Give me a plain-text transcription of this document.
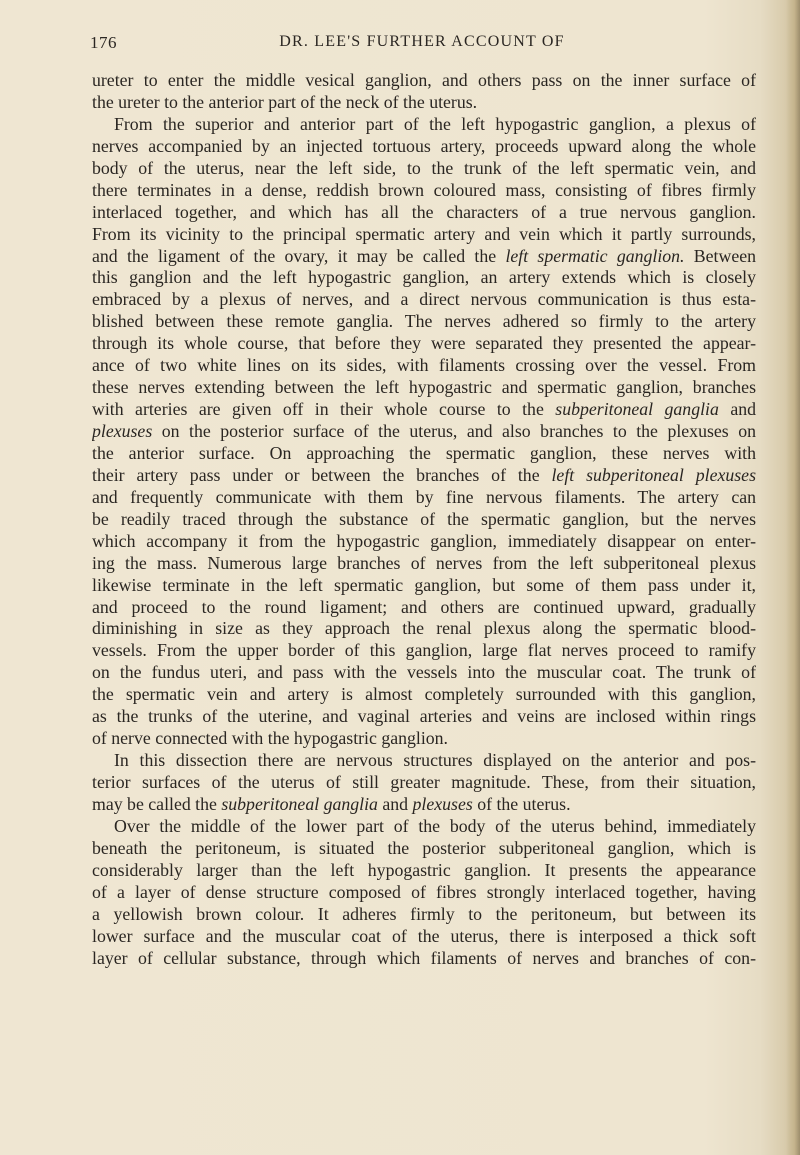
176	DR. LEE'S FURTHER ACCOUNT OF
ureter to enter the middle vesical ganglion, and others pass on the inner surface of
the ureter to the anterior part of the neck of the uterus.
From the superior and anterior part of the left hypogastric ganglion, a plexus of
nerves accompanied by an injected tortuous artery, proceeds upward along the whole
body of the uterus, near the left side, to the trunk of the left spermatic vein, and
there terminates in a dense, reddish brown coloured mass, consisting of fibres firmly
interlaced together, and which has all the characters of a true nervous ganglion.
From its vicinity to the principal spermatic artery and vein which it partly surrounds,
and the ligament of the ovary, it may be called the left spermatic ganglion. Between
this ganglion and the left hypogastric ganglion, an artery extends which is closely
embraced by a plexus of nerves, and a direct nervous communication is thus esta-
blished between these remote ganglia. The nerves adhered so firmly to the artery
through its whole course, that before they were separated they presented the appear-
ance of two white lines on its sides, with filaments crossing over the vessel. From
these nerves extending between the left hypogastric and spermatic ganglion, branches
with arteries are given off in their whole course to the subperitoneal ganglia and
plexuses on the posterior surface of the uterus, and also branches to the plexuses on
the anterior surface. On approaching the spermatic ganglion, these nerves with
their artery pass under or between the branches of the left subperitoneal plexuses
and frequently communicate with them by fine nervous filaments. The artery can
be readily traced through the substance of the spermatic ganglion, but the nerves
which accompany it from the hypogastric ganglion, immediately disappear on enter-
ing the mass. Numerous large branches of nerves from the left subperitoneal plexus
likewise terminate in the left spermatic ganglion, but some of them pass under it,
and proceed to the round ligament; and others are continued upward, gradually
diminishing in size as they approach the renal plexus along the spermatic blood-
vessels. From the upper border of this ganglion, large flat nerves proceed to ramify
on the fundus uteri, and pass with the vessels into the muscular coat. The trunk of
the spermatic vein and artery is almost completely surrounded with this ganglion,
as the trunks of the uterine, and vaginal arteries and veins are inclosed within rings
of nerve connected with the hypogastric ganglion.
In this dissection there are nervous structures displayed on the anterior and pos-
terior surfaces of the uterus of still greater magnitude. These, from their situation,
may be called the subperitoneal ganglia and plexuses of the uterus.
Over the middle of the lower part of the body of the uterus behind, immediately
beneath the peritoneum, is situated the posterior subperitoneal ganglion, which is
considerably larger than the left hypogastric ganglion. It presents the appearance
of a layer of dense structure composed of fibres strongly interlaced together, having
a yellowish brown colour. It adheres firmly to the peritoneum, but between its
lower surface and the muscular coat of the uterus, there is interposed a thick soft
layer of cellular substance, through which filaments of nerves and branches of con-
